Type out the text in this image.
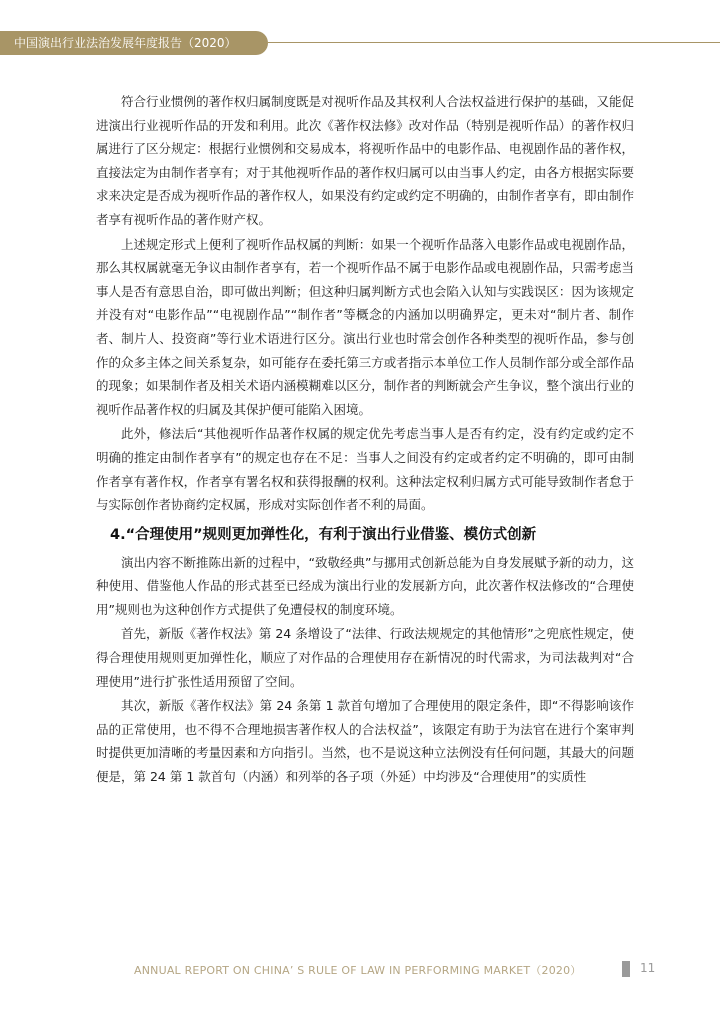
中国演出行业法治发展年度报告（2020）

符合行业惯例的著作权归属制度既是对视听作品及其权利人合法权益进行保护的基础，又能促进演出行业视听作品的开发和利用。此次《著作权法修》改对作品（特别是视听作品）的著作权归属进行了区分规定：根据行业惯例和交易成本，将视听作品中的电影作品、电视剧作品的著作权，直接法定为由制作者享有；对于其他视听作品的著作权归属可以由当事人约定，由各方根据实际要求来决定是否成为视听作品的著作权人，如果没有约定或约定不明确的，由制作者享有，即由制作者享有视听作品的著作财产权。

上述规定形式上便利了视听作品权属的判断：如果一个视听作品落入电影作品或电视剧作品，那么其权属就毫无争议由制作者享有，若一个视听作品不属于电影作品或电视剧作品，只需考虑当事人是否有意思自治，即可做出判断；但这种归属判断方式也会陷入认知与实践误区：因为该规定并没有对“电影作品”“电视剧作品”“制作者”等概念的内涵加以明确界定，更未对“制片者、制作者、制片人、投资商”等行业术语进行区分。演出行业也时常会创作各种类型的视听作品，参与创作的众多主体之间关系复杂，如可能存在委托第三方或者指示本单位工作人员制作部分或全部作品的现象；如果制作者及相关术语内涵模糊难以区分，制作者的判断就会产生争议，整个演出行业的视听作品著作权的归属及其保护便可能陷入困境。

此外，修法后“其他视听作品著作权属的规定优先考虑当事人是否有约定，没有约定或约定不明确的推定由制作者享有”的规定也存在不足：当事人之间没有约定或者约定不明确的，即可由制作者享有著作权，作者享有署名权和获得报酬的权利。这种法定权利归属方式可能导致制作者怠于与实际创作者协商约定权属，形成对实际创作者不利的局面。

4.“合理使用”规则更加弹性化，有利于演出行业借鉴、模仿式创新

演出内容不断推陈出新的过程中，“致敬经典”与挪用式创新总能为自身发展赋予新的动力，这种使用、借鉴他人作品的形式甚至已经成为演出行业的发展新方向，此次著作权法修改的“合理使用”规则也为这种创作方式提供了免遭侵权的制度环境。

首先，新版《著作权法》第 24 条增设了“法律、行政法规规定的其他情形”之兜底性规定，使得合理使用规则更加弹性化，顺应了对作品的合理使用存在新情况的时代需求，为司法裁判对“合理使用”进行扩张性适用预留了空间。

其次，新版《著作权法》第 24 条第 1 款首句增加了合理使用的限定条件，即“不得影响该作品的正常使用，也不得不合理地损害著作权人的合法权益”，该限定有助于为法官在进行个案审判时提供更加清晰的考量因素和方向指引。当然，也不是说这种立法例没有任何问题，其最大的问题便是，第 24 第 1 款首句（内涵）和列举的各子项（外延）中均涉及“合理使用”的实质性

ANNUAL REPORT ON CHINA’ S RULE OF LAW IN PERFORMING MARKET（2020）	11
